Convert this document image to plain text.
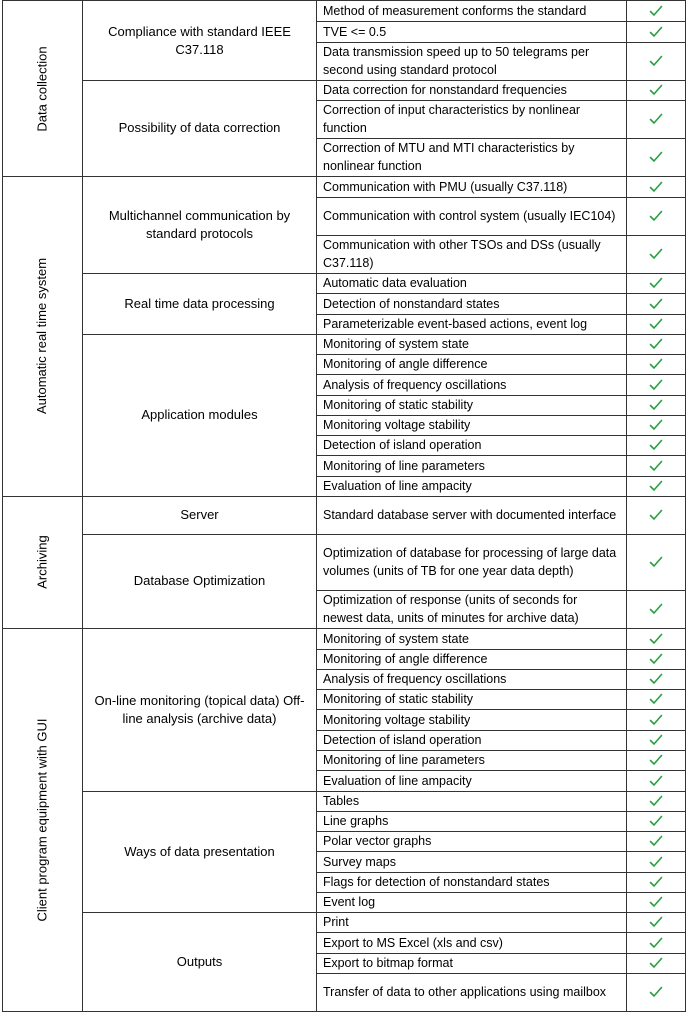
Method of measurement conforms the standard
TVE <= 0.5
Data transmission speed up to 50 telegrams per second using standard protocol
Compliance with standard IEEE C37.118
Data correction for nonstandard frequencies
Correction of input characteristics by nonlinear function
Correction of MTU and MTI characteristics by nonlinear function
Possibility of data correction
Data collection
Communication with PMU (usually C37.118)
Communication with control system (usually IEC104)
Communication with other TSOs and DSs (usually C37.118)
Multichannel communication by standard protocols
Automatic data evaluation
Detection of nonstandard states
Parameterizable event-based actions, event log
Real time data processing
Monitoring of system state
Monitoring of angle difference
Analysis of frequency oscillations
Monitoring of static stability
Monitoring voltage stability
Detection of island operation
Monitoring of line parameters
Evaluation of line ampacity
Application modules
Automatic real time system
Standard database server with documented interface
Server
Optimization of database for processing of large data volumes (units of TB for one year data depth)
Optimization of response (units of seconds for newest data, units of minutes for archive data)
Database Optimization
Archiving
Monitoring of system state
Monitoring of angle difference
Analysis of frequency oscillations
Monitoring of static stability
Monitoring voltage stability
Detection of island operation
Monitoring of line parameters
Evaluation of line ampacity
On-line monitoring (topical data) Off-line analysis (archive data)
Tables
Line graphs
Polar vector graphs
Survey maps
Flags for detection of nonstandard states
Event log
Ways of data presentation
Print
Export to MS Excel (xls and csv)
Export to bitmap format
Transfer of data to other applications using mailbox
Outputs
Client program equipment with GUI
